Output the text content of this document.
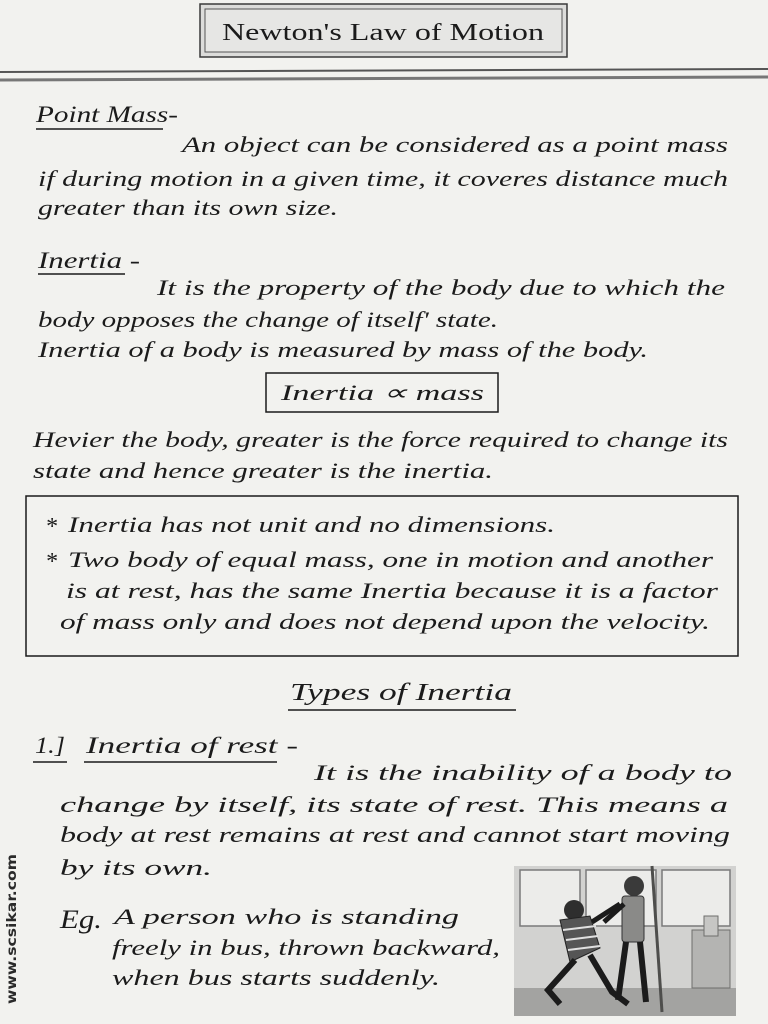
Newton's Law of Motion
Point Mass-
An object can be considered as a point mass
if during motion in a given time, it coveres distance much
greater than its own size.
Inertia -
It is the property of the body due to which the
body opposes the change of itself' state.
Inertia of a body is measured by mass of the body.
Inertia ∝ mass
Hevier the body, greater is the force required to change its
state and hence greater is the inertia.
* Inertia has not unit and no dimensions.
* Two body of equal mass, one in motion and another
is at rest, has the same Inertia because it is a factor
of mass only and does not depend upon the velocity.
Types of Inertia
1.] Inertia of rest -
It is the inability of a body to
change by itself, its state of rest. This means a
body at rest remains at rest and cannot start moving
by its own.
Eg. A person who is standing
freely in bus, thrown backward,
when bus starts suddenly.
www.scsikar.com
